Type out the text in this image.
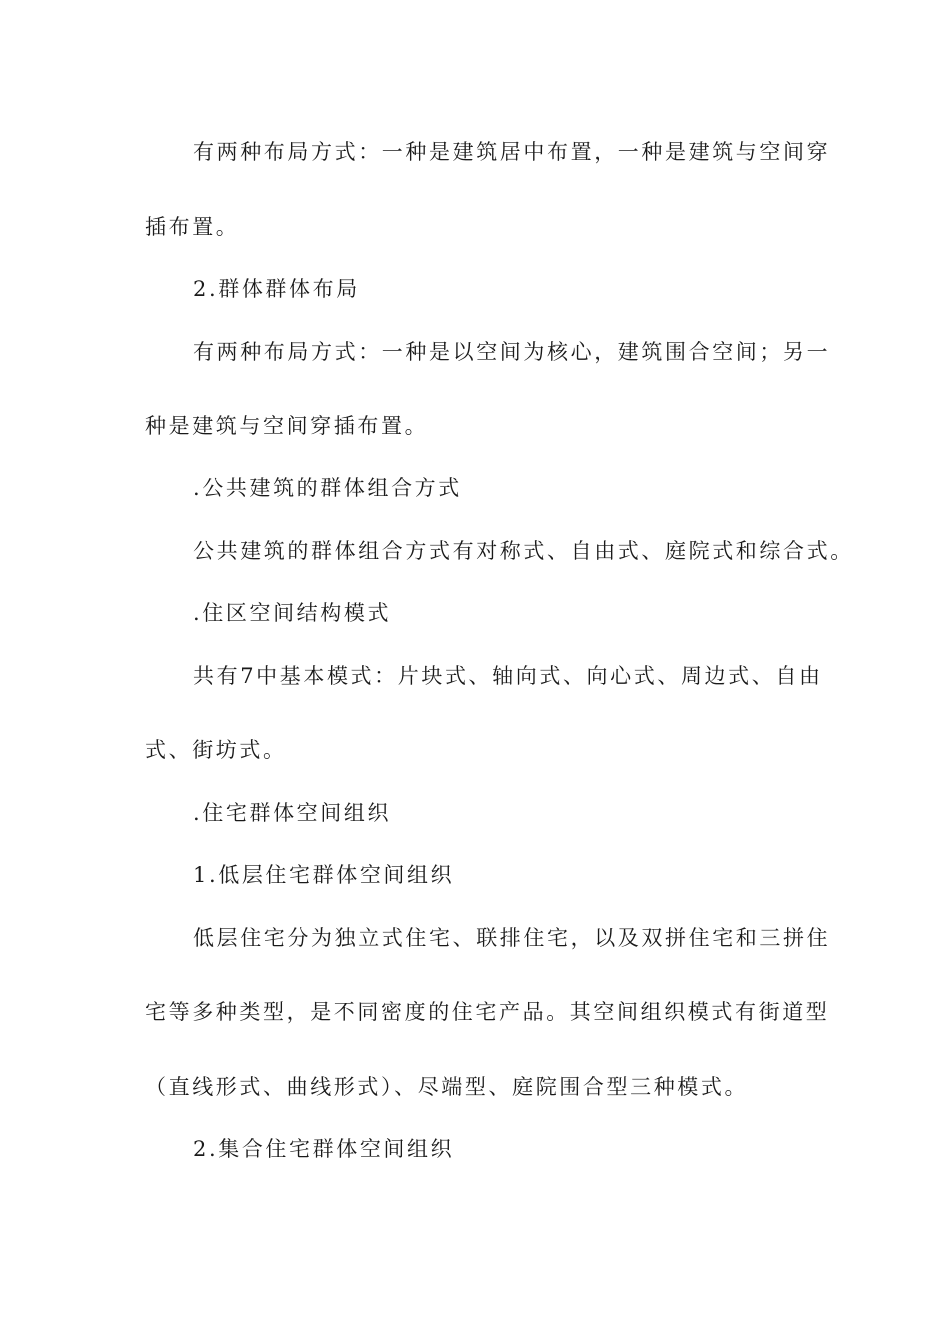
有两种布局方式：一种是建筑居中布置，一种是建筑与空间穿
插布置。
2.群体群体布局
有两种布局方式：一种是以空间为核心，建筑围合空间；另一
种是建筑与空间穿插布置。
.公共建筑的群体组合方式
公共建筑的群体组合方式有对称式、自由式、庭院式和综合式。
.住区空间结构模式
共有7中基本模式：片块式、轴向式、向心式、周边式、自由
式、街坊式。
.住宅群体空间组织
1.低层住宅群体空间组织
低层住宅分为独立式住宅、联排住宅，以及双拼住宅和三拼住
宅等多种类型，是不同密度的住宅产品。其空间组织模式有街道型
（直线形式、曲线形式）、尽端型、庭院围合型三种模式。
2.集合住宅群体空间组织
